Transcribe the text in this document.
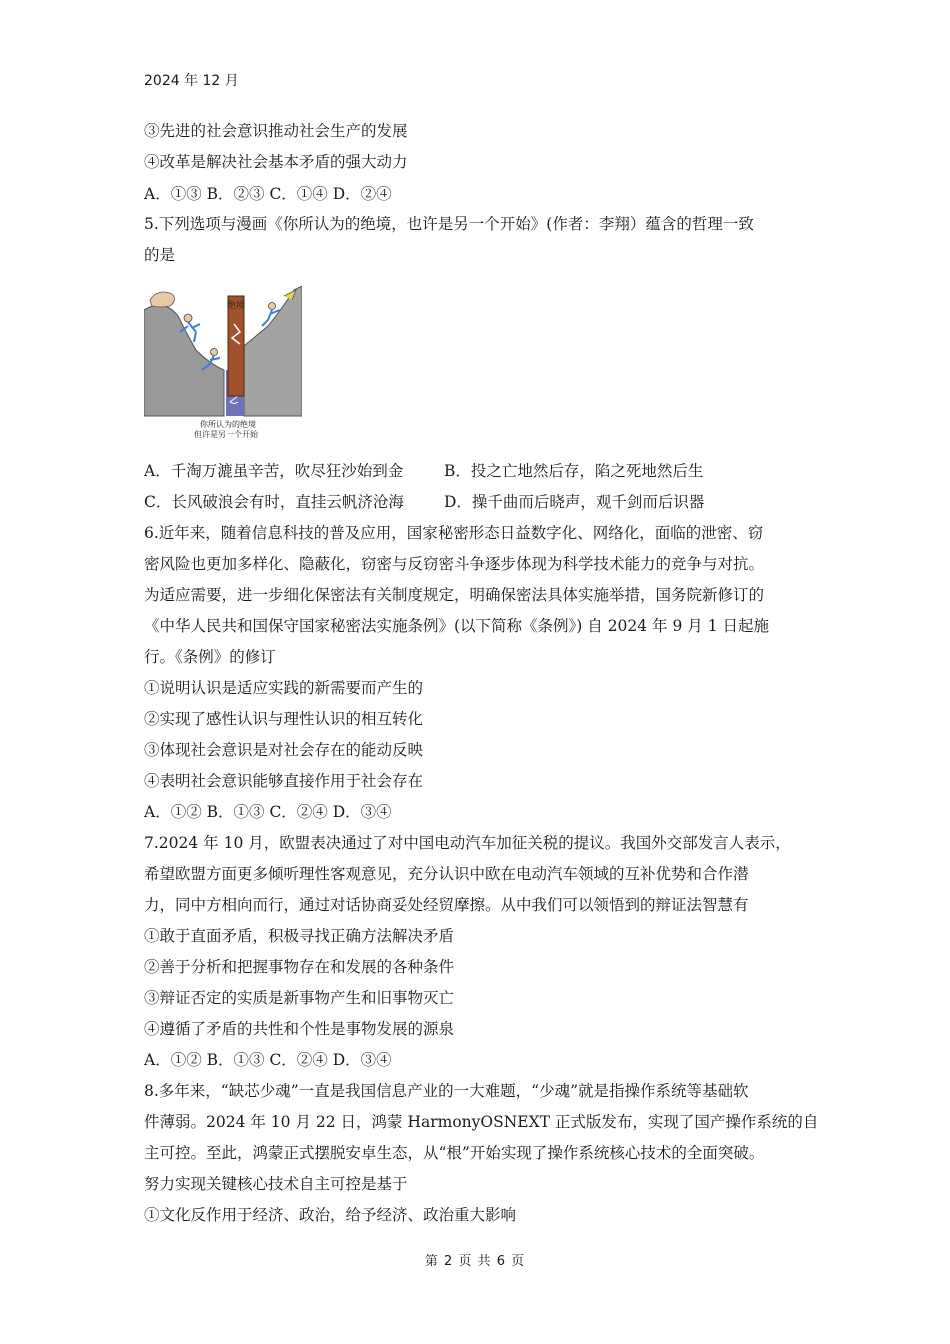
2024 年 12 月
③先进的社会意识推动社会生产的发展
④改革是解决社会基本矛盾的强大动力
A．①③ B．②③ C．①④ D．②④
5.下列选项与漫画《你所认为的绝境，也许是另一个开始》(作者：李翔）蕴含的哲理一致
的是
绝境
你所认为的绝境
但许是另一个开始
A．千淘万漉虽辛苦，吹尽狂沙始到金	B．投之亡地然后存，陷之死地然后生
C．长风破浪会有时，直挂云帆济沧海	D．操千曲而后晓声，观千剑而后识器
6.近年来，随着信息科技的普及应用，国家秘密形态日益数字化、网络化，面临的泄密、窃
密风险也更加多样化、隐蔽化，窃密与反窃密斗争逐步体现为科学技术能力的竞争与对抗。
为适应需要，进一步细化保密法有关制度规定，明确保密法具体实施举措，国务院新修订的
《中华人民共和国保守国家秘密法实施条例》(以下简称《条例》) 自 2024 年 9 月 1 日起施
行。《条例》的修订
①说明认识是适应实践的新需要而产生的
②实现了感性认识与理性认识的相互转化
③体现社会意识是对社会存在的能动反映
④表明社会意识能够直接作用于社会存在
A．①② B．①③ C．②④ D．③④
7.2024 年 10 月，欧盟表决通过了对中国电动汽车加征关税的提议。我国外交部发言人表示，
希望欧盟方面更多倾听理性客观意见，充分认识中欧在电动汽车领域的互补优势和合作潜
力，同中方相向而行，通过对话协商妥处经贸摩擦。从中我们可以领悟到的辩证法智慧有
①敢于直面矛盾，积极寻找正确方法解决矛盾
②善于分析和把握事物存在和发展的各种条件
③辩证否定的实质是新事物产生和旧事物灭亡
④遵循了矛盾的共性和个性是事物发展的源泉
A．①② B．①③ C．②④ D．③④
8.多年来，“缺芯少魂”一直是我国信息产业的一大难题，“少魂”就是指操作系统等基础软
件薄弱。2024 年 10 月 22 日，鸿蒙 HarmonyOSNEXT 正式版发布，实现了国产操作系统的自
主可控。至此，鸿蒙正式摆脱安卓生态，从“根”开始实现了操作系统核心技术的全面突破。
努力实现关键核心技术自主可控是基于
①文化反作用于经济、政治，给予经济、政治重大影响
第 2 页 共 6 页
